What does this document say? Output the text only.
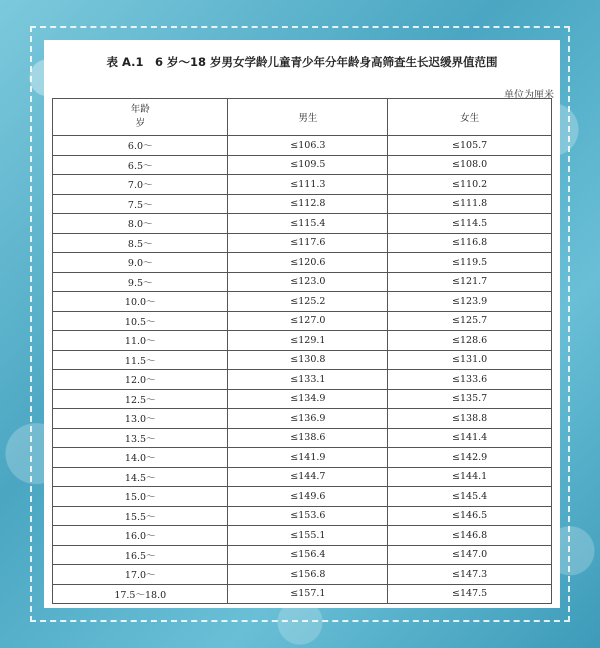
表 A.1　6 岁～18 岁男女学龄儿童青少年分年龄身高筛查生长迟缓界值范围
单位为厘米
年龄
岁	男生	女生
6.0～	≤106.3	≤105.7
6.5～	≤109.5	≤108.0
7.0～	≤111.3	≤110.2
7.5～	≤112.8	≤111.8
8.0～	≤115.4	≤114.5
8.5～	≤117.6	≤116.8
9.0～	≤120.6	≤119.5
9.5～	≤123.0	≤121.7
10.0～	≤125.2	≤123.9
10.5～	≤127.0	≤125.7
11.0～	≤129.1	≤128.6
11.5～	≤130.8	≤131.0
12.0～	≤133.1	≤133.6
12.5～	≤134.9	≤135.7
13.0～	≤136.9	≤138.8
13.5～	≤138.6	≤141.4
14.0～	≤141.9	≤142.9
14.5～	≤144.7	≤144.1
15.0～	≤149.6	≤145.4
15.5～	≤153.6	≤146.5
16.0～	≤155.1	≤146.8
16.5～	≤156.4	≤147.0
17.0～	≤156.8	≤147.3
17.5～18.0	≤157.1	≤147.5
